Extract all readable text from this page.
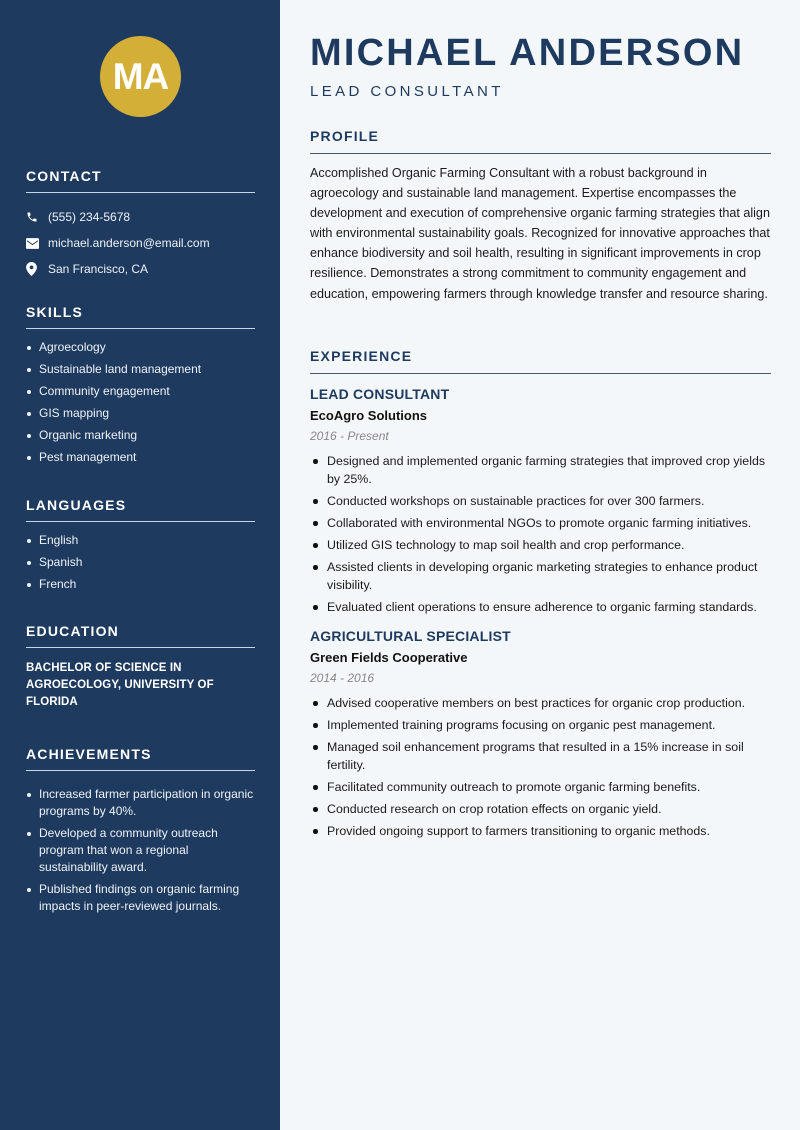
MA
CONTACT
(555) 234-5678
michael.anderson@email.com
San Francisco, CA
SKILLS
Agroecology
Sustainable land management
Community engagement
GIS mapping
Organic marketing
Pest management
LANGUAGES
English
Spanish
French
EDUCATION

BACHELOR OF SCIENCE IN AGROECOLOGY, UNIVERSITY OF FLORIDA

ACHIEVEMENTS
Increased farmer participation in organic programs by 40%.
Developed a community outreach program that won a regional sustainability award.
Published findings on organic farming impacts in peer-reviewed journals.
MICHAEL ANDERSON
LEAD CONSULTANT
PROFILE

Accomplished Organic Farming Consultant with a robust background in agroecology and sustainable land management. Expertise encompasses the development and execution of comprehensive organic farming strategies that align with environmental sustainability goals. Recognized for innovative approaches that enhance biodiversity and soil health, resulting in significant improvements in crop resilience. Demonstrates a strong commitment to community engagement and education, empowering farmers through knowledge transfer and resource sharing.

EXPERIENCE
LEAD CONSULTANT
EcoAgro Solutions
2016 - Present
Designed and implemented organic farming strategies that improved crop yields by 25%.
Conducted workshops on sustainable practices for over 300 farmers.
Collaborated with environmental NGOs to promote organic farming initiatives.
Utilized GIS technology to map soil health and crop performance.
Assisted clients in developing organic marketing strategies to enhance product visibility.
Evaluated client operations to ensure adherence to organic farming standards.
AGRICULTURAL SPECIALIST
Green Fields Cooperative
2014 - 2016
Advised cooperative members on best practices for organic crop production.
Implemented training programs focusing on organic pest management.
Managed soil enhancement programs that resulted in a 15% increase in soil fertility.
Facilitated community outreach to promote organic farming benefits.
Conducted research on crop rotation effects on organic yield.
Provided ongoing support to farmers transitioning to organic methods.
